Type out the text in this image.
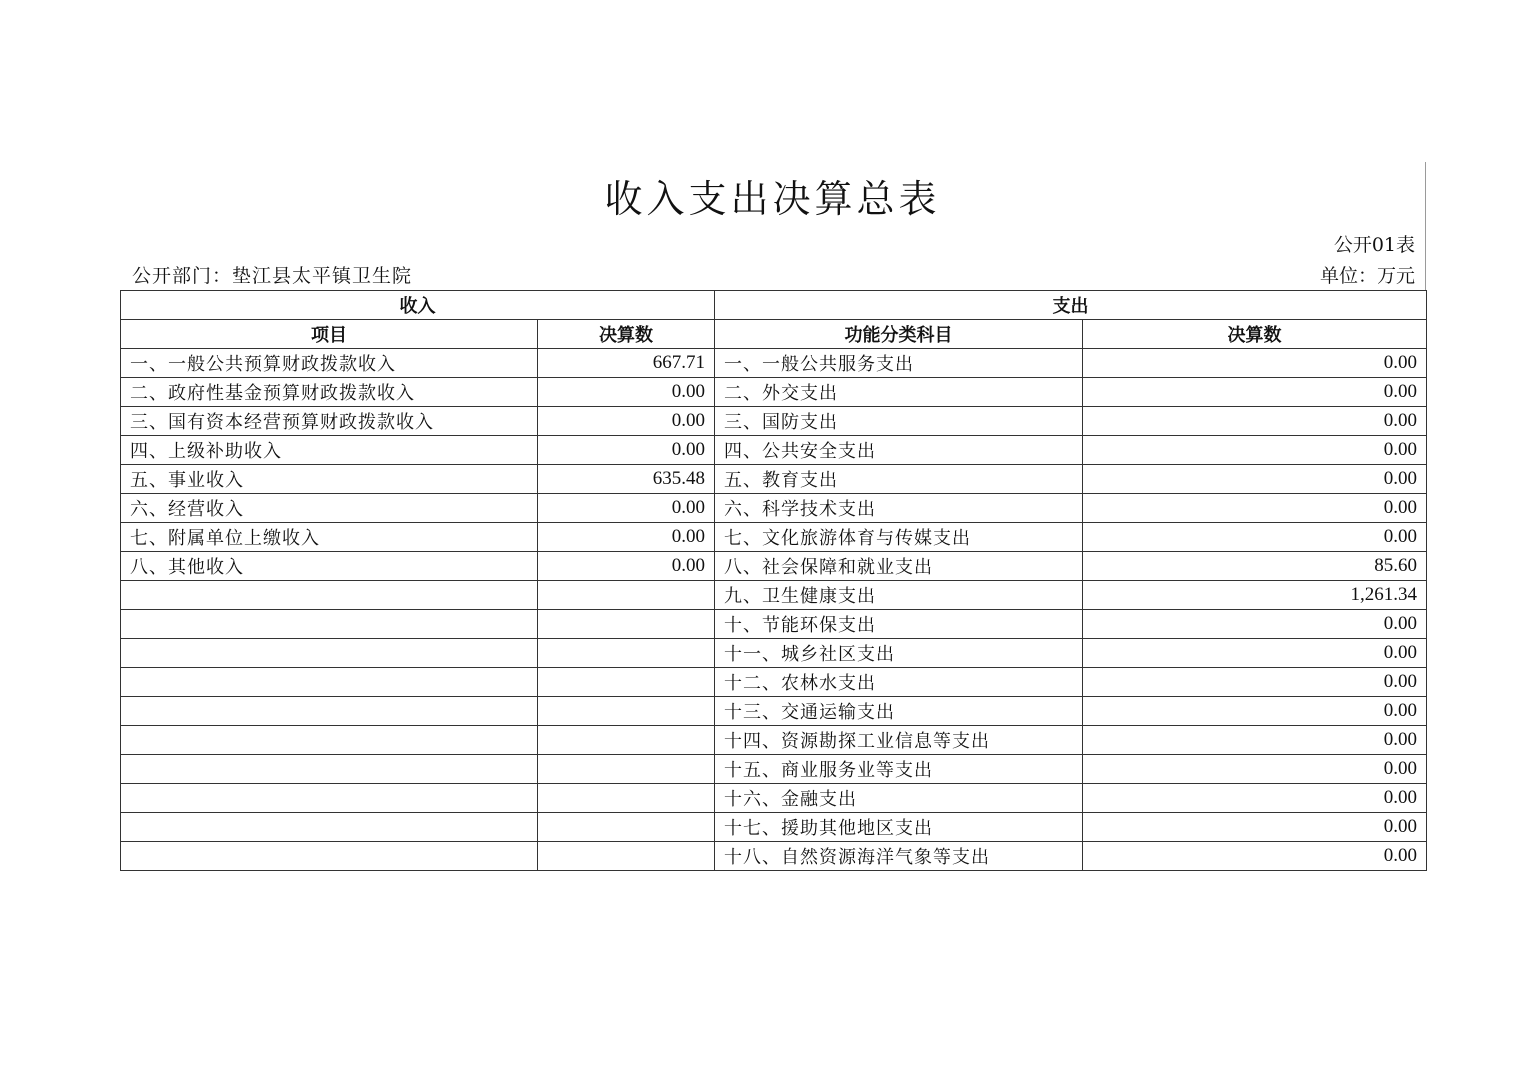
收入支出决算总表
公开01表
公开部门：垫江县太平镇卫生院	单位：万元
收入		支出	
项目	决算数	功能分类科目	决算数
一、一般公共预算财政拨款收入	667.71	一、一般公共服务支出	0.00
二、政府性基金预算财政拨款收入	0.00	二、外交支出	0.00
三、国有资本经营预算财政拨款收入	0.00	三、国防支出	0.00
四、上级补助收入	0.00	四、公共安全支出	0.00
五、事业收入	635.48	五、教育支出	0.00
六、经营收入	0.00	六、科学技术支出	0.00
七、附属单位上缴收入	0.00	七、文化旅游体育与传媒支出	0.00
八、其他收入	0.00	八、社会保障和就业支出	85.60
		九、卫生健康支出	1,261.34
		十、节能环保支出	0.00
		十一、城乡社区支出	0.00
		十二、农林水支出	0.00
		十三、交通运输支出	0.00
		十四、资源勘探工业信息等支出	0.00
		十五、商业服务业等支出	0.00
		十六、金融支出	0.00
		十七、援助其他地区支出	0.00
		十八、自然资源海洋气象等支出	0.00
